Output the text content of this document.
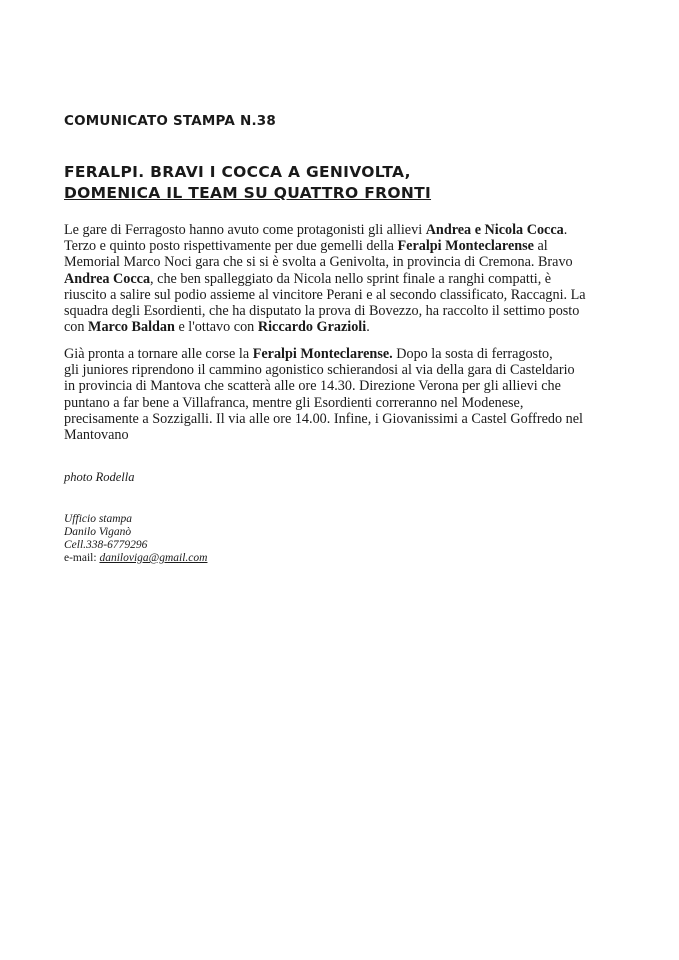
COMUNICATO STAMPA N.38
FERALPI. BRAVI I COCCA A GENIVOLTA,
DOMENICA IL TEAM SU QUATTRO FRONTI
Le gare di Ferragosto hanno avuto come protagonisti gli allievi Andrea e Nicola Cocca.
Terzo e quinto posto rispettivamente per due gemelli della Feralpi Monteclarense al
Memorial Marco Noci gara che si si è svolta a Genivolta, in provincia di Cremona. Bravo
Andrea Cocca, che ben spalleggiato da Nicola nello sprint finale a ranghi compatti, è
riuscito a salire sul podio assieme al vincitore Perani e al secondo classificato, Raccagni. La
squadra degli Esordienti, che ha disputato la prova di Bovezzo, ha raccolto il settimo posto
con Marco Baldan e l'ottavo con Riccardo Grazioli.
Già pronta a tornare alle corse la Feralpi Monteclarense. Dopo la sosta di ferragosto,
gli juniores riprendono il cammino agonistico schierandosi al via della gara di Casteldario
in provincia di Mantova che scatterà alle ore 14.30. Direzione Verona per gli allievi che
puntano a far bene a Villafranca, mentre gli Esordienti correranno nel Modenese,
precisamente a Sozzigalli. Il via alle ore 14.00. Infine, i Giovanissimi a Castel Goffredo nel
Mantovano
photo Rodella
Ufficio stampa
Danilo Viganò
Cell.338-6779296
e-mail: daniloviga@gmail.com
